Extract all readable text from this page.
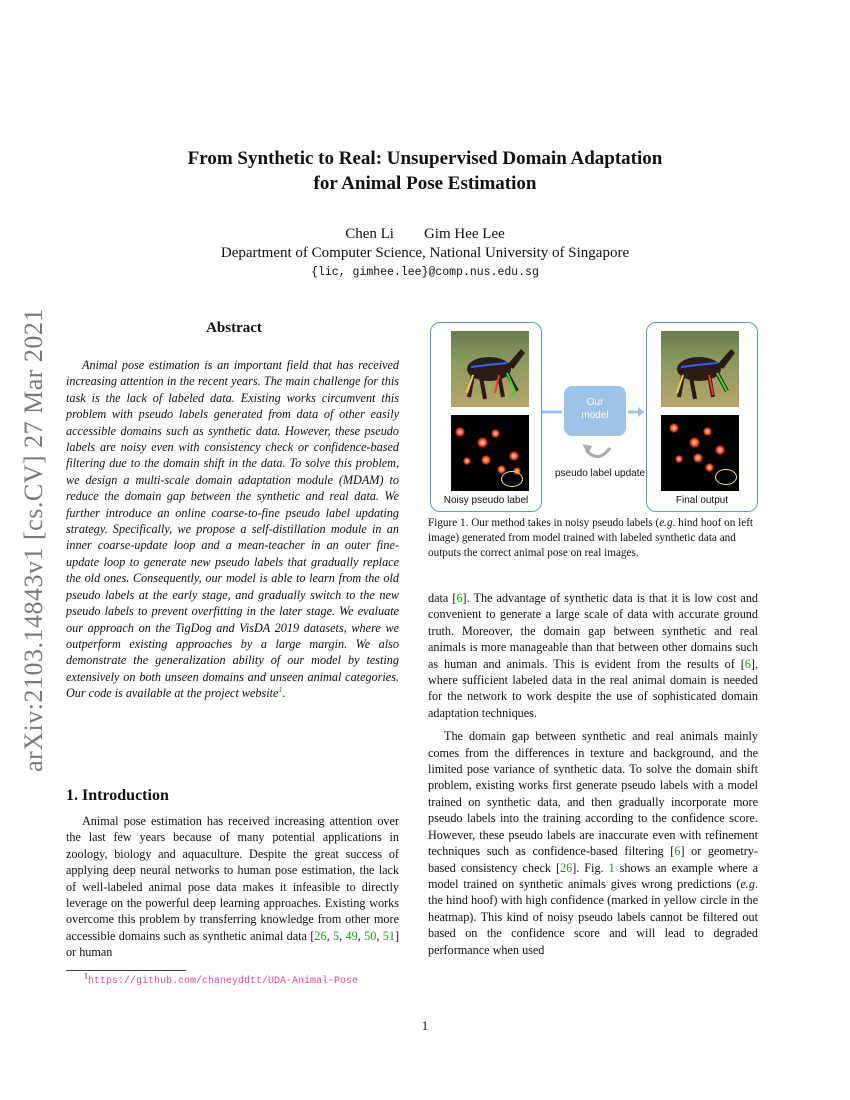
arXiv:2103.14843v1 [cs.CV] 27 Mar 2021
From Synthetic to Real: Unsupervised Domain Adaptation
for Animal Pose Estimation
Chen Li        Gim Hee Lee
Department of Computer Science, National University of Singapore
{lic, gimhee.lee}@comp.nus.edu.sg
Abstract

Animal pose estimation is an important field that has received increasing attention in the recent years. The main challenge for this task is the lack of labeled data. Existing works circumvent this problem with pseudo labels generated from data of other easily accessible domains such as synthetic data. However, these pseudo labels are noisy even with consistency check or confidence-based filtering due to the domain shift in the data. To solve this problem, we design a multi-scale domain adaptation module (MDAM) to reduce the domain gap between the synthetic and real data. We further introduce an online coarse-to-fine pseudo label updating strategy. Specifically, we propose a self-distillation module in an inner coarse-update loop and a mean-teacher in an outer fine-update loop to generate new pseudo labels that gradually replace the old ones. Consequently, our model is able to learn from the old pseudo labels at the early stage, and gradually switch to the new pseudo labels to prevent overfitting in the later stage. We evaluate our approach on the TigDog and VisDA 2019 datasets, where we outperform existing approaches by a large margin. We also demonstrate the generalization ability of our model by testing extensively on both unseen domains and unseen animal categories. Our code is available at the project website$^1$.

1. Introduction

Animal pose estimation has received increasing attention over the last few years because of many potential applications in zoology, biology and aquaculture. Despite the great success of applying deep neural networks to human pose estimation, the lack of well-labeled animal pose data makes it infeasible to directly leverage on the powerful deep learning approaches. Existing works overcome this problem by transferring knowledge from other more accessible domains such as synthetic animal data [26, 5, 49, 50, 51] or human

$^1$https://github.com/chaneyddtt/UDA-Animal-Pose
Noisy pseudo label
Our
model
pseudo label update
Final output
Figure 1. Our method takes in noisy pseudo labels (e.g. hind hoof on left image) generated from model trained with labeled synthetic data and outputs the correct animal pose on real images.

data [6]. The advantage of synthetic data is that it is low cost and convenient to generate a large scale of data with accurate ground truth. Moreover, the domain gap between synthetic and real animals is more manageable than that between other domains such as human and animals. This is evident from the results of [6], where sufficient labeled data in the real animal domain is needed for the network to work despite the use of sophisticated domain adaptation techniques.

The domain gap between synthetic and real animals mainly comes from the differences in texture and background, and the limited pose variance of synthetic data. To solve the domain shift problem, existing works first generate pseudo labels with a model trained on synthetic data, and then gradually incorporate more pseudo labels into the training according to the confidence score. However, these pseudo labels are inaccurate even with refinement techniques such as confidence-based filtering [6] or geometry-based consistency check [26]. Fig. 1 shows an example where a model trained on synthetic animals gives wrong predictions (e.g. the hind hoof) with high confidence (marked in yellow circle in the heatmap). This kind of noisy pseudo labels cannot be filtered out based on the confidence score and will lead to degraded performance when used

1
